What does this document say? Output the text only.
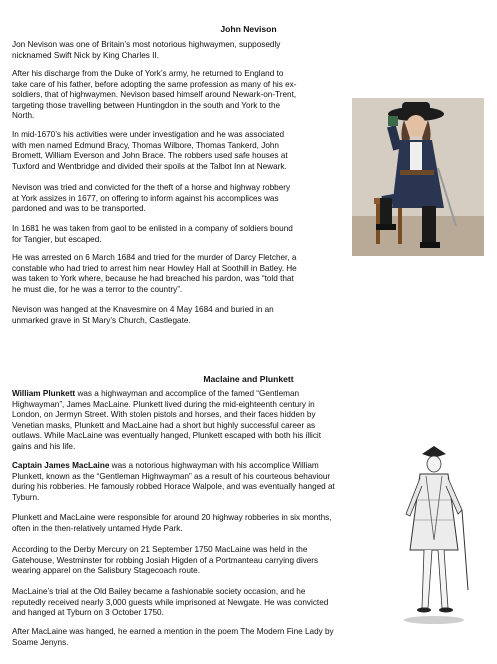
John Nevison

Jon Nevison was one of Britain’s most notorious highwaymen, supposedly
nicknamed Swift Nick by King Charles II.

After his discharge from the Duke of York’s army, he returned to England to
take care of his father, before adopting the same profession as many of his ex-
soldiers, that of highwaymen. Nevison based himself around Newark-on-Trent,
targeting those travelling between Huntingdon in the south and York to the
North.

In mid-1670’s his activities were under investigation and he was associated
with men named Edmund Bracy, Thomas Wilbore, Thomas Tankerd, John
Bromett, William Everson and John Brace. The robbers used safe houses at
Tuxford and Wentbridge and divided their spoils at the Talbot Inn at Newark.

Nevison was tried and convicted for the theft of a horse and highway robbery
at York assizes in 1677, on offering to inform against his accomplices was
pardoned and was to be transported.

In 1681 he was taken from gaol to be enlisted in a company of soldiers bound
for Tangier, but escaped.

He was arrested on 6 March 1684 and tried for the murder of Darcy Fletcher, a
constable who had tried to arrest him near Howley Hall at Soothill in Batley. He
was taken to York where, because he had breached his pardon, was “told that
he must die, for he was a terror to the country”.

Nevison was hanged at the Knavesmire on 4 May 1684 and buried in an
unmarked grave in St Mary’s Church, Castlegate.

Maclaine and Plunkett

William Plunkett was a highwayman and accomplice of the famed “Gentleman
Highwayman”, James MacLaine. Plunkett lived during the mid-eighteenth century in
London, on Jermyn Street. With stolen pistols and horses, and their faces hidden by
Venetian masks, Plunkett and MacLaine had a short but highly successful career as
outlaws. While MacLaine was eventually hanged, Plunkett escaped with both his illicit
gains and his life.

Captain James MacLaine was a notorious highwayman with his accomplice William
Plunkett, known as the “Gentleman Highwayman” as a result of his courteous behaviour
during his robberies. He famously robbed Horace Walpole, and was eventually hanged at
Tyburn.

Plunkett and MacLaine were responsible for around 20 highway robberies in six months,
often in the then-relatively untamed Hyde Park.

According to the Derby Mercury on 21 September 1750 MacLaine was held in the
Gatehouse, Westminster for robbing Josiah Higden of a Portmanteau carrying divers
wearing apparel on the Salisbury Stagecoach route.

MacLaine’s trial at the Old Bailey became a fashionable society occasion, and he
reputedly received nearly 3,000 guests while imprisoned at Newgate. He was convicted
and hanged at Tyburn on 3 October 1750.

After MacLaine was hanged, he earned a mention in the poem The Modern Fine Lady by
Soame Jenyns.
